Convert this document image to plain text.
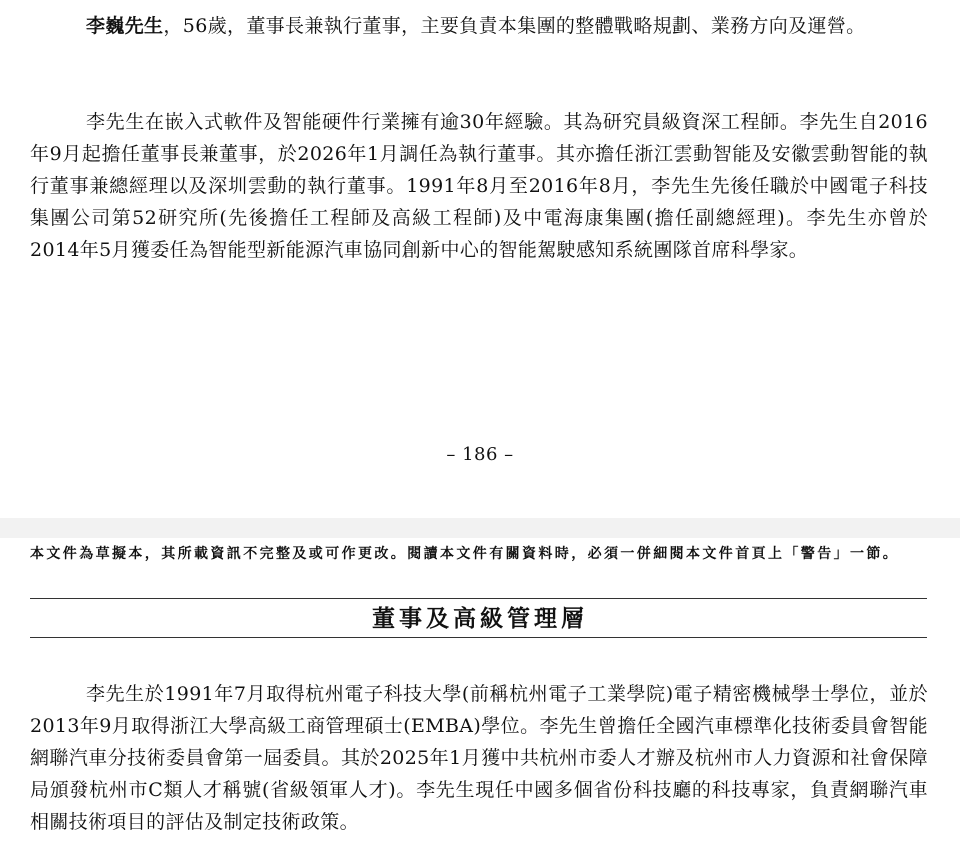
李巍先生，56歲，董事長兼執行董事，主要負責本集團的整體戰略規劃、業務方向及運營。

李先生在嵌入式軟件及智能硬件行業擁有逾30年經驗。其為研究員級資深工程師。李先生自2016年9月起擔任董事長兼董事，於2026年1月調任為執行董事。其亦擔任浙江雲動智能及安徽雲動智能的執行董事兼總經理以及深圳雲動的執行董事。1991年8月至2016年8月，李先生先後任職於中國電子科技集團公司第52研究所(先後擔任工程師及高級工程師)及中電海康集團(擔任副總經理)。李先生亦曾於2014年5月獲委任為智能型新能源汽車協同創新中心的智能駕駛感知系統團隊首席科學家。

– 186 –

本文件為草擬本，其所載資訊不完整及或可作更改。閱讀本文件有關資料時，必須一併細閱本文件首頁上「警告」一節。

董事及高級管理層

李先生於1991年7月取得杭州電子科技大學(前稱杭州電子工業學院)電子精密機械學士學位，並於2013年9月取得浙江大學高級工商管理碩士(EMBA)學位。李先生曾擔任全國汽車標準化技術委員會智能網聯汽車分技術委員會第一屆委員。其於2025年1月獲中共杭州市委人才辦及杭州市人力資源和社會保障局頒發杭州市C類人才稱號(省級領軍人才)。李先生現任中國多個省份科技廳的科技專家，負責網聯汽車相關技術項目的評估及制定技術政策。
